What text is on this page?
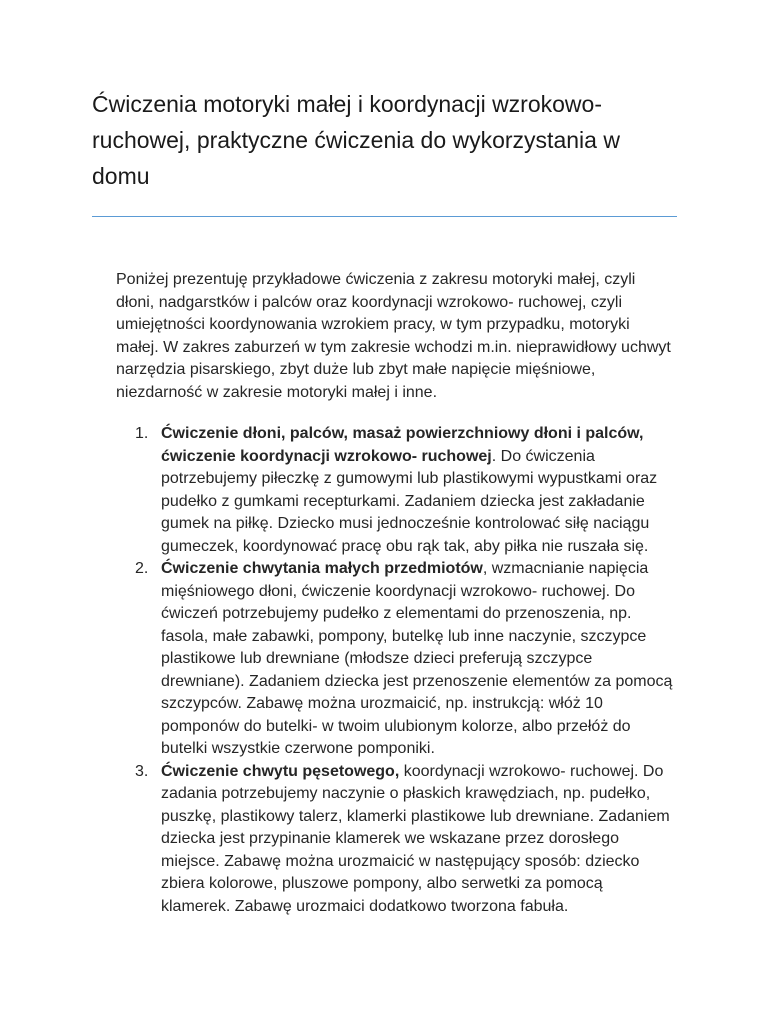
Ćwiczenia motoryki małej i koordynacji wzrokowo-ruchowej, praktyczne ćwiczenia do wykorzystania w domu

Poniżej prezentuję przykładowe ćwiczenia z zakresu motoryki małej, czyli dłoni, nadgarstków i palców oraz koordynacji wzrokowo- ruchowej, czyli umiejętności koordynowania wzrokiem pracy, w tym przypadku, motoryki małej. W zakres zaburzeń w tym zakresie wchodzi m.in. nieprawidłowy uchwyt narzędzia pisarskiego, zbyt duże lub zbyt małe napięcie mięśniowe, niezdarność w zakresie motoryki małej i inne.

1. Ćwiczenie dłoni, palców, masaż powierzchniowy dłoni i palców, ćwiczenie koordynacji wzrokowo- ruchowej. Do ćwiczenia potrzebujemy piłeczkę z gumowymi lub plastikowymi wypustkami oraz pudełko z gumkami recepturkami. Zadaniem dziecka jest zakładanie gumek na piłkę. Dziecko musi jednocześnie kontrolować siłę naciągu gumeczek, koordynować pracę obu rąk tak, aby piłka nie ruszała się.
2. Ćwiczenie chwytania małych przedmiotów, wzmacnianie napięcia mięśniowego dłoni, ćwiczenie koordynacji wzrokowo- ruchowej. Do ćwiczeń potrzebujemy pudełko z elementami do przenoszenia, np. fasola, małe zabawki, pompony, butelkę lub inne naczynie, szczypce plastikowe lub drewniane (młodsze dzieci preferują szczypce drewniane). Zadaniem dziecka jest przenoszenie elementów za pomocą szczypców. Zabawę można urozmaicić, np. instrukcją: włóż 10 pomponów do butelki- w twoim ulubionym kolorze, albo przełóż do butelki wszystkie czerwone pomponiki.
3. Ćwiczenie chwytu pęsetowego, koordynacji wzrokowo- ruchowej. Do zadania potrzebujemy naczynie o płaskich krawędziach, np. pudełko, puszkę, plastikowy talerz, klamerki plastikowe lub drewniane. Zadaniem dziecka jest przypinanie klamerek we wskazane przez dorosłego miejsce. Zabawę można urozmaicić w następujący sposób: dziecko zbiera kolorowe, pluszowe pompony, albo serwetki za pomocą klamerek. Zabawę urozmaici dodatkowo tworzona fabuła.
